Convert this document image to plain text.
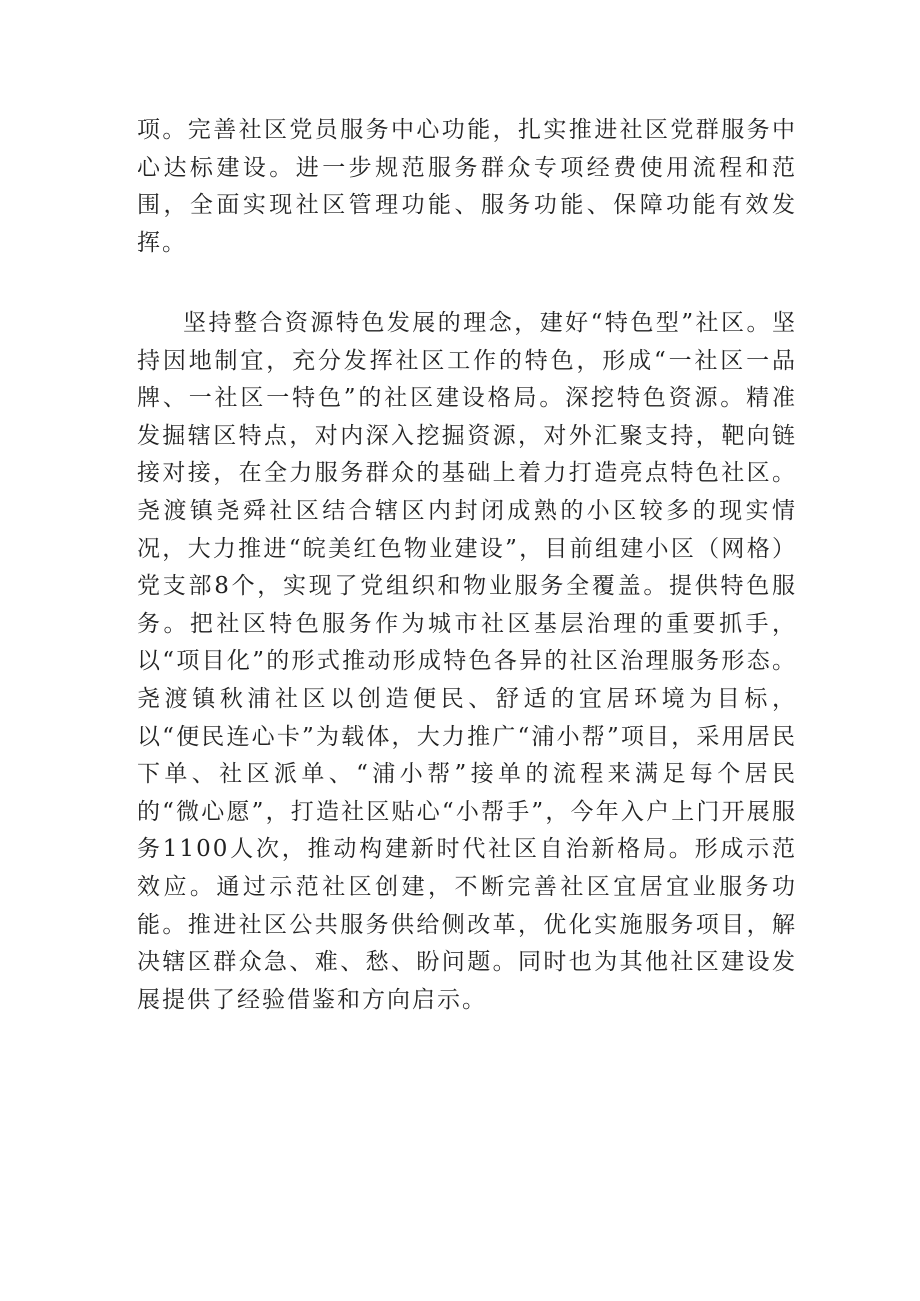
项。完善社区党员服务中心功能，扎实推进社区党群服务中心达标建设。进一步规范服务群众专项经费使用流程和范围，全面实现社区管理功能、服务功能、保障功能有效发挥。

坚持整合资源特色发展的理念，建好“特色型”社区。坚持因地制宜，充分发挥社区工作的特色，形成“一社区一品牌、一社区一特色”的社区建设格局。深挖特色资源。精准发掘辖区特点，对内深入挖掘资源，对外汇聚支持，靶向链接对接，在全力服务群众的基础上着力打造亮点特色社区。尧渡镇尧舜社区结合辖区内封闭成熟的小区较多的现实情况，大力推进“皖美红色物业建设”，目前组建小区（网格）党支部8个，实现了党组织和物业服务全覆盖。提供特色服务。把社区特色服务作为城市社区基层治理的重要抓手，以“项目化”的形式推动形成特色各异的社区治理服务形态。尧渡镇秋浦社区以创造便民、舒适的宜居环境为目标，以“便民连心卡”为载体，大力推广“浦小帮”项目，采用居民下单、社区派单、“浦小帮”接单的流程来满足每个居民的“微心愿”，打造社区贴心“小帮手”，今年入户上门开展服务1100人次，推动构建新时代社区自治新格局。形成示范效应。通过示范社区创建，不断完善社区宜居宜业服务功能。推进社区公共服务供给侧改革，优化实施服务项目，解决辖区群众急、难、愁、盼问题。同时也为其他社区建设发展提供了经验借鉴和方向启示。
